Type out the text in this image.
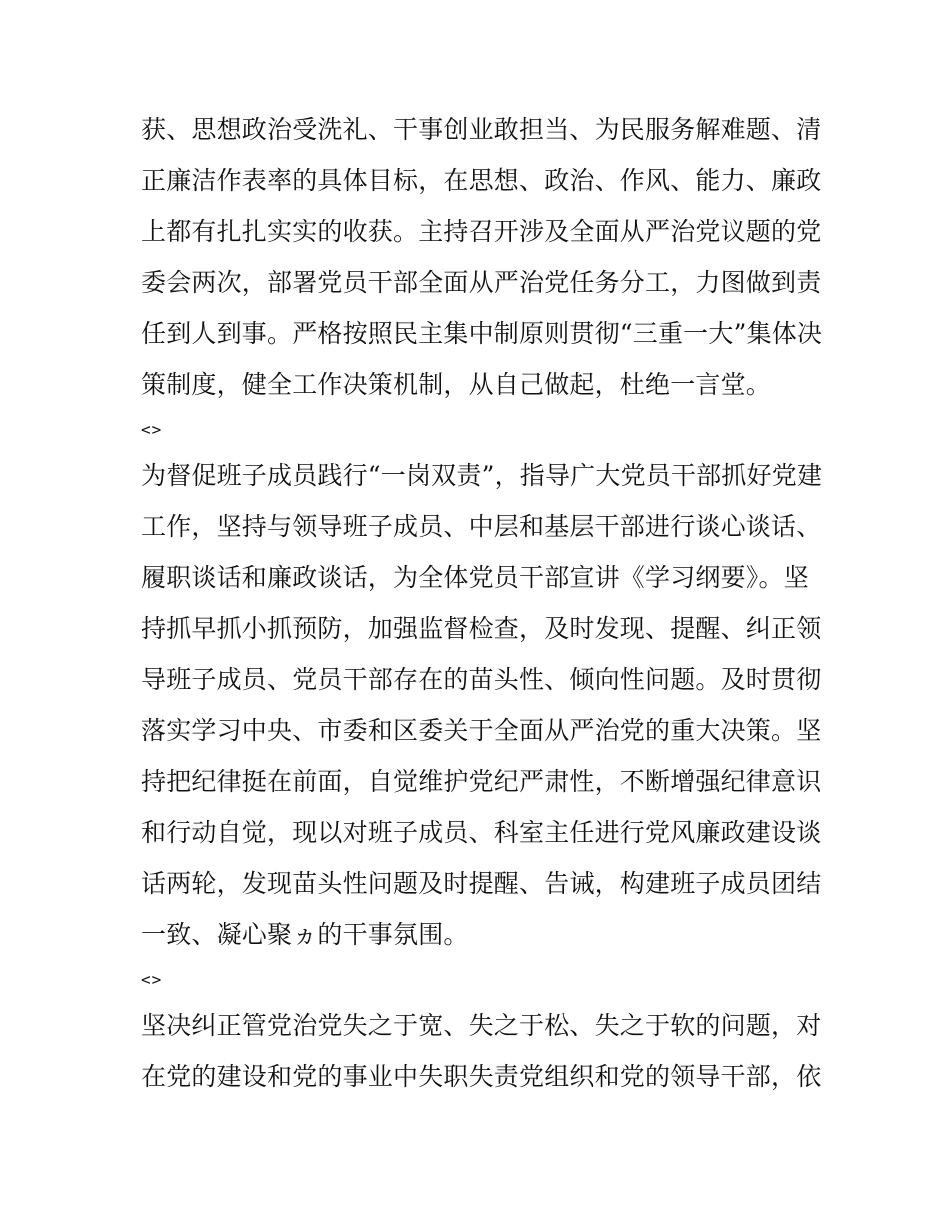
获、思想政治受洗礼、干事创业敢担当、为民服务解难题、清
正廉洁作表率的具体目标，在思想、政治、作风、能力、廉政
上都有扎扎实实的收获。主持召开涉及全面从严治党议题的党
委会两次，部署党员干部全面从严治党任务分工，力图做到责
任到人到事。严格按照民主集中制原则贯彻“三重一大”集体决
策制度，健全工作决策机制，从自己做起，杜绝一言堂。
<>
为督促班子成员践行“一岗双责”，指导广大党员干部抓好党建
工作，坚持与领导班子成员、中层和基层干部进行谈心谈话、
履职谈话和廉政谈话，为全体党员干部宣讲《学习纲要》。坚
持抓早抓小抓预防，加强监督检查，及时发现、提醒、纠正领
导班子成员、党员干部存在的苗头性、倾向性问题。及时贯彻
落实学习中央、市委和区委关于全面从严治党的重大决策。坚
持把纪律挺在前面，自觉维护党纪严肃性，不断增强纪律意识
和行动自觉，现以对班子成员、科室主任进行党风廉政建设谈
话两轮，发现苗头性问题及时提醒、告诫，构建班子成员团结
一致、凝心聚ヵ的干事氛围。
<>
坚决纠正管党治党失之于宽、失之于松、失之于软的问题，对
在党的建设和党的事业中失职失责党组织和党的领导干部，依
